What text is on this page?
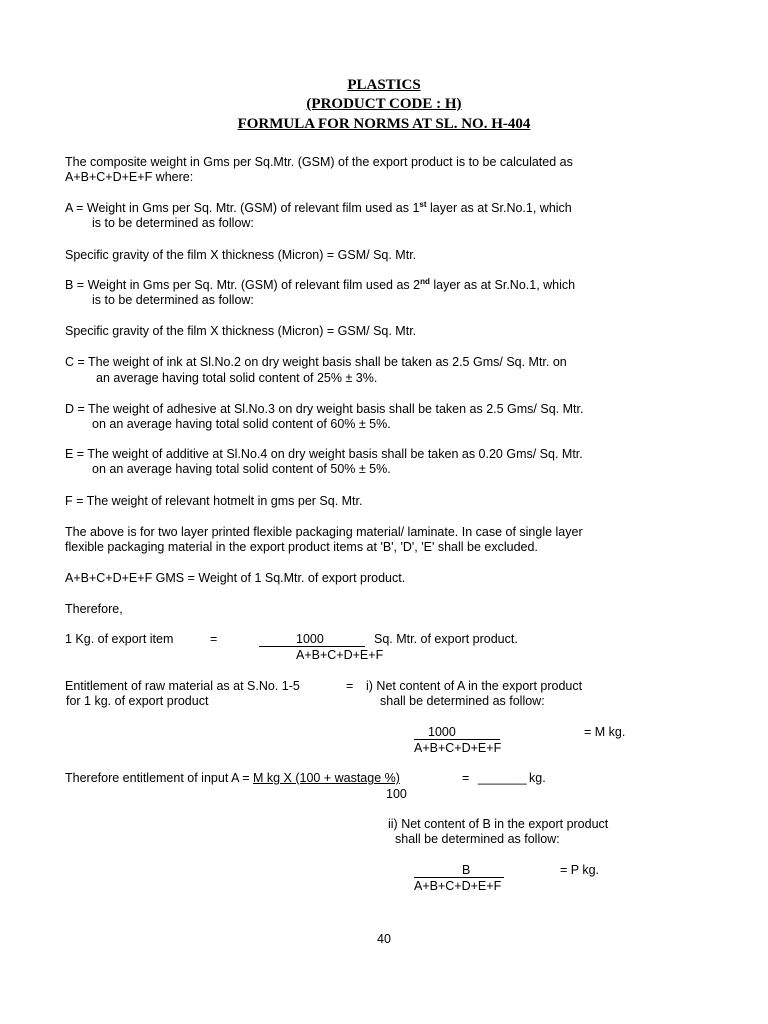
PLASTICS
(PRODUCT CODE : H)
FORMULA FOR NORMS AT SL. NO. H-404
The composite weight in Gms per Sq.Mtr. (GSM) of the export product is to be calculated as
A+B+C+D+E+F where:
A = Weight in Gms per Sq. Mtr. (GSM) of relevant film used as 1st layer as at Sr.No.1, which
is to be determined as follow:
Specific gravity of the film X thickness (Micron) = GSM/ Sq. Mtr.
B = Weight in Gms per Sq. Mtr. (GSM) of relevant film used as 2nd layer as at Sr.No.1, which
is to be determined as follow:
Specific gravity of the film X thickness (Micron) = GSM/ Sq. Mtr.
C = The weight of ink at Sl.No.2 on dry weight basis shall be taken as 2.5 Gms/ Sq. Mtr. on
an average having total solid content of 25% ± 3%.
D = The weight of adhesive at Sl.No.3 on dry weight basis shall be taken as 2.5 Gms/ Sq. Mtr.
on an average having total solid content of 60% ± 5%.
E = The weight of additive at Sl.No.4 on dry weight basis shall be taken as 0.20 Gms/ Sq. Mtr.
on an average having total solid content of 50% ± 5%.
F = The weight of relevant hotmelt in gms per Sq. Mtr.
The above is for two layer printed flexible packaging material/ laminate. In case of single layer
flexible packaging material in the export product items at 'B', 'D', 'E' shall be excluded.
A+B+C+D+E+F GMS = Weight of 1 Sq.Mtr. of export product.
Therefore,
1 Kg. of export item	=	1000	Sq. Mtr. of export product.
A+B+C+D+E+F
Entitlement of raw material as at S.No. 1-5	= i) Net content of A in the export product
for 1 kg. of export product	shall be determined as follow:
1000	= M kg.
A+B+C+D+E+F
Therefore entitlement of input A = M kg X (100 + wastage %)	= _______ kg.
100
ii) Net content of B in the export product
shall be determined as follow:
B	= P kg.
A+B+C+D+E+F
40
